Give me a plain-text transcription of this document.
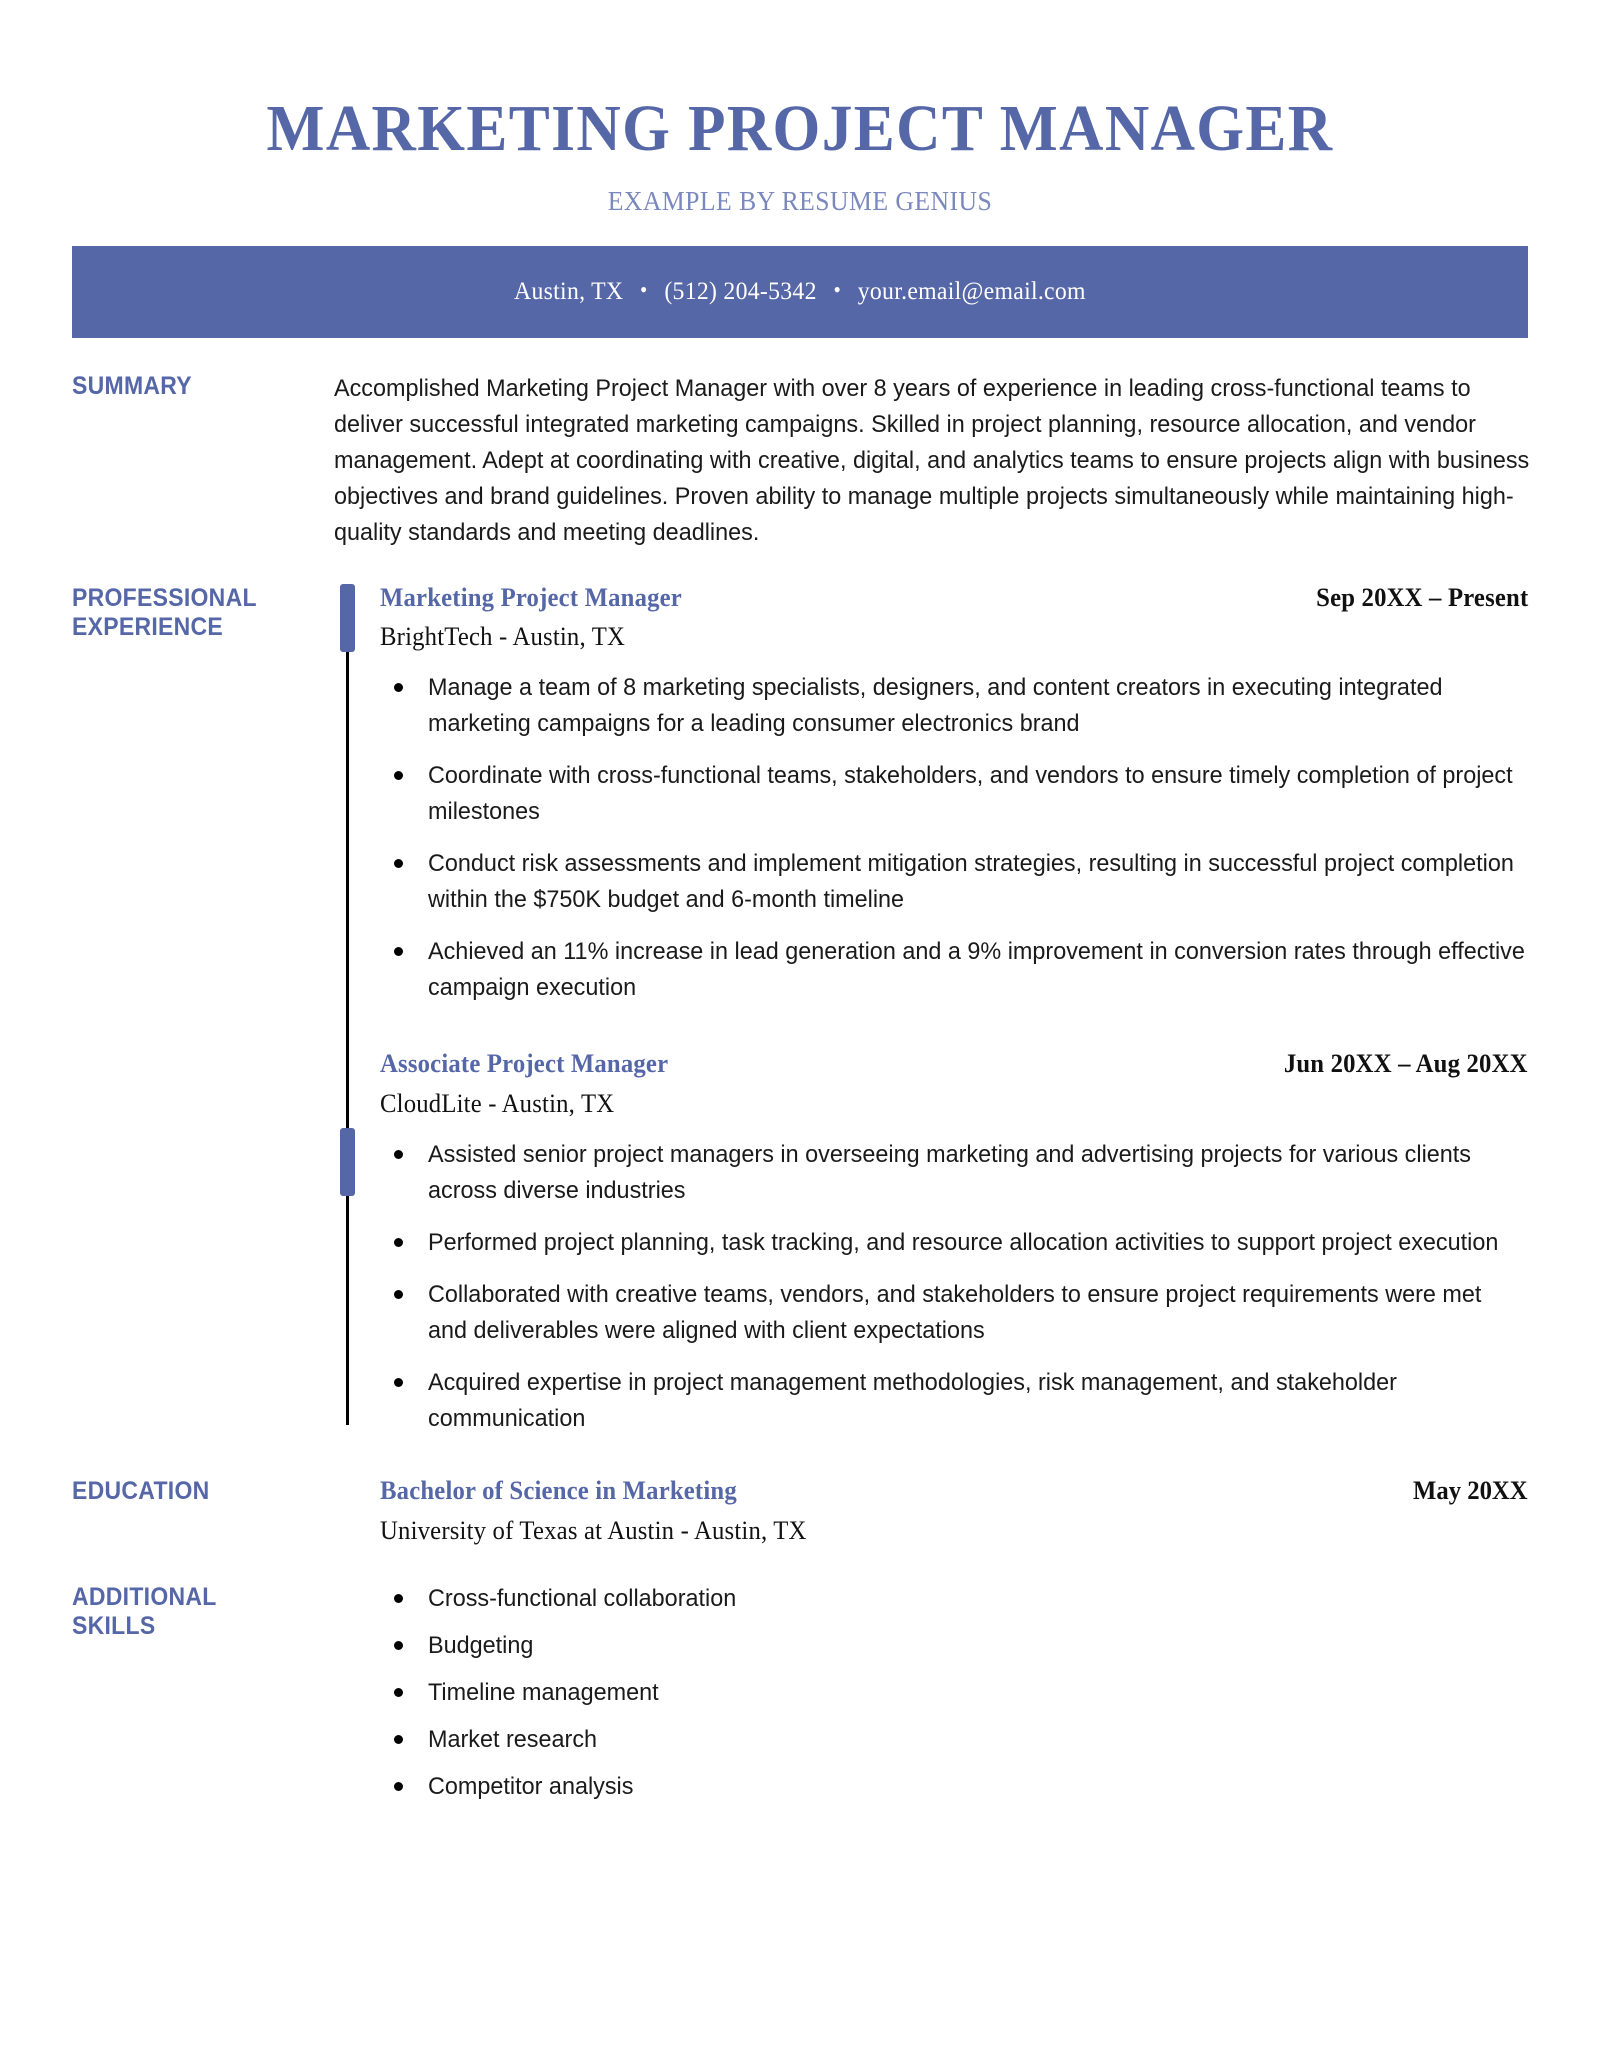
MARKETING PROJECT MANAGER
EXAMPLE BY RESUME GENIUS
Austin, TX • (512) 204-5342 • your.email@email.com
SUMMARY	Accomplished Marketing Project Manager with over 8 years of experience in leading cross-functional teams to deliver successful integrated marketing campaigns. Skilled in project planning, resource allocation, and vendor management. Adept at coordinating with creative, digital, and analytics teams to ensure projects align with business objectives and brand guidelines. Proven ability to manage multiple projects simultaneously while maintaining high-quality standards and meeting deadlines.
PROFESSIONAL
EXPERIENCE
Marketing Project Manager	Sep 20XX – Present
BrightTech - Austin, TX
Manage a team of 8 marketing specialists, designers, and content creators in executing integrated marketing campaigns for a leading consumer electronics brand
Coordinate with cross-functional teams, stakeholders, and vendors to ensure timely completion of project milestones
Conduct risk assessments and implement mitigation strategies, resulting in successful project completion within the $750K budget and 6-month timeline
Achieved an 11% increase in lead generation and a 9% improvement in conversion rates through effective campaign execution
Associate Project Manager	Jun 20XX – Aug 20XX
CloudLite - Austin, TX
Assisted senior project managers in overseeing marketing and advertising projects for various clients across diverse industries
Performed project planning, task tracking, and resource allocation activities to support project execution
Collaborated with creative teams, vendors, and stakeholders to ensure project requirements were met and deliverables were aligned with client expectations
Acquired expertise in project management methodologies, risk management, and stakeholder communication
EDUCATION	Bachelor of Science in Marketing	May 20XX
University of Texas at Austin - Austin, TX
ADDITIONAL
SKILLS
Cross-functional collaboration
Budgeting
Timeline management
Market research
Competitor analysis
